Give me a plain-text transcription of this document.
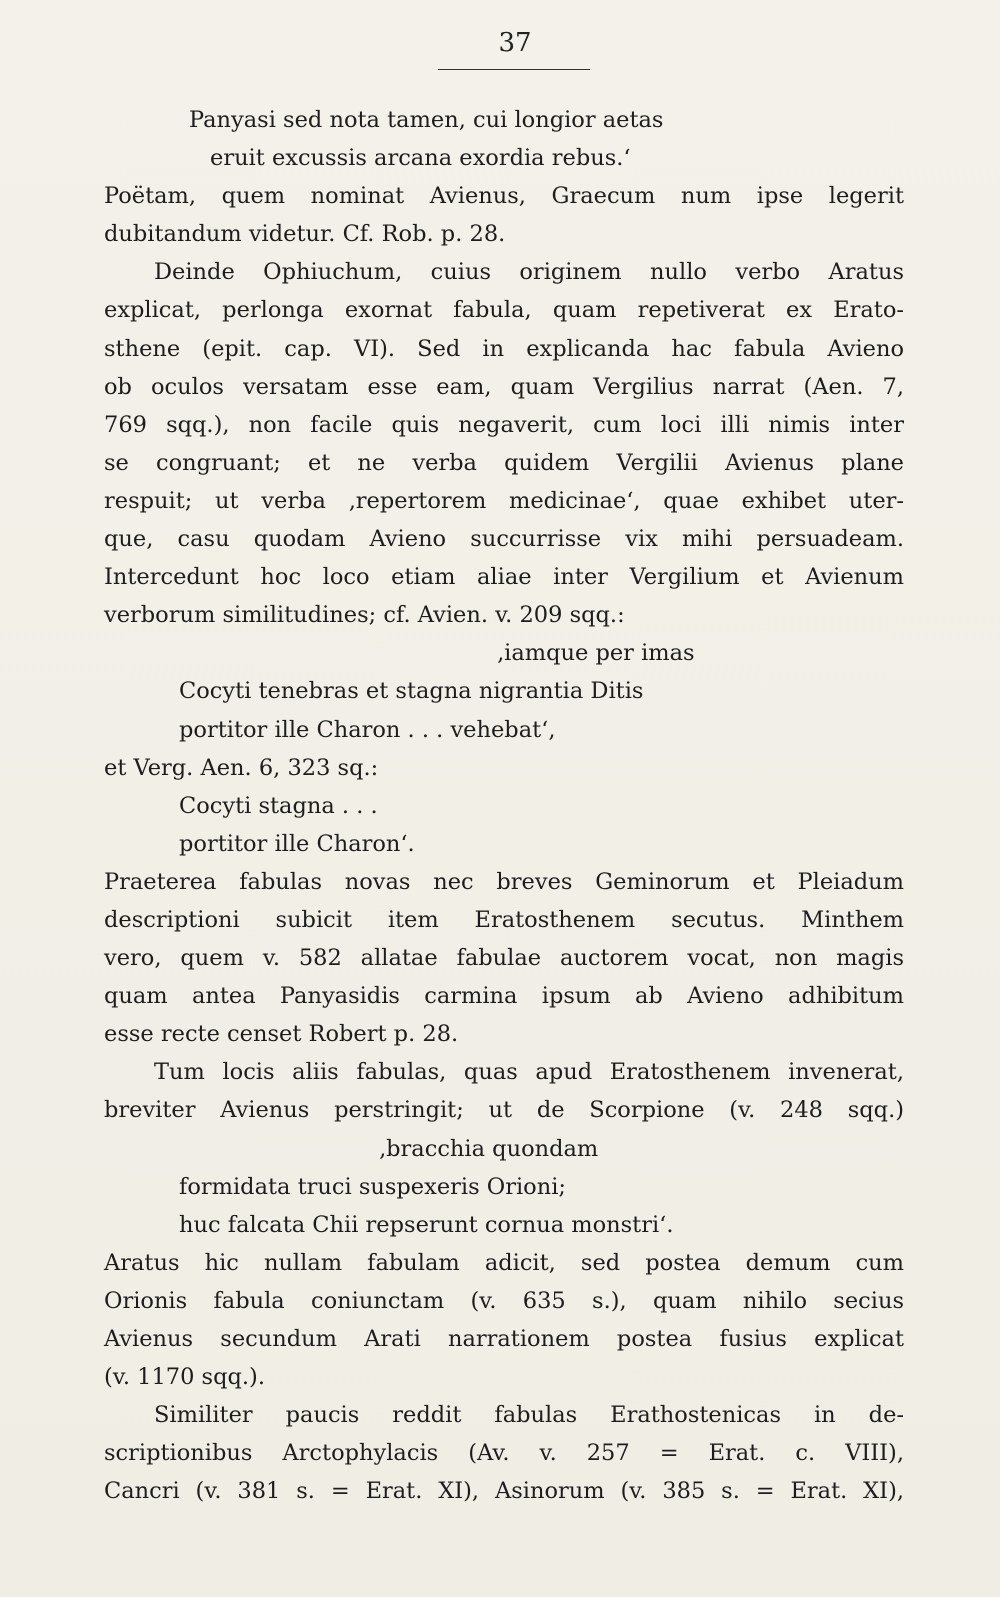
37
Panyasi sed nota tamen, cui longior aetas
eruit excussis arcana exordia rebus.‘
Poëtam, quem nominat Avienus, Graecum num ipse legerit
dubitandum videtur. Cf. Rob. p. 28.
Deinde Ophiuchum, cuius originem nullo verbo Aratus
explicat, perlonga exornat fabula, quam repetiverat ex Erato-
sthene (epit. cap. VI). Sed in explicanda hac fabula Avieno
ob oculos versatam esse eam, quam Vergilius narrat (Aen. 7,
769 sqq.), non facile quis negaverit, cum loci illi nimis inter
se congruant; et ne verba quidem Vergilii Avienus plane
respuit; ut verba ‚repertorem medicinae‘, quae exhibet uter-
que, casu quodam Avieno succurrisse vix mihi persuadeam.
Intercedunt hoc loco etiam aliae inter Vergilium et Avienum
verborum similitudines; cf. Avien. v. 209 sqq.:
‚iamque per imas
Cocyti tenebras et stagna nigrantia Ditis
portitor ille Charon . . . vehebat‘,
et Verg. Aen. 6, 323 sq.:
Cocyti stagna . . .
portitor ille Charon‘.
Praeterea fabulas novas nec breves Geminorum et Pleiadum
descriptioni subicit item Eratosthenem secutus. Minthem
vero, quem v. 582 allatae fabulae auctorem vocat, non magis
quam antea Panyasidis carmina ipsum ab Avieno adhibitum
esse recte censet Robert p. 28.
Tum locis aliis fabulas, quas apud Eratosthenem invenerat,
breviter Avienus perstringit; ut de Scorpione (v. 248 sqq.)
‚bracchia quondam
formidata truci suspexeris Orioni;
huc falcata Chii repserunt cornua monstri‘.
Aratus hic nullam fabulam adicit, sed postea demum cum
Orionis fabula coniunctam (v. 635 s.), quam nihilo secius
Avienus secundum Arati narrationem postea fusius explicat
(v. 1170 sqq.).
Similiter paucis reddit fabulas Erathostenicas in de-
scriptionibus Arctophylacis (Av. v. 257 = Erat. c. VIII),
Cancri (v. 381 s. = Erat. XI), Asinorum (v. 385 s. = Erat. XI),
